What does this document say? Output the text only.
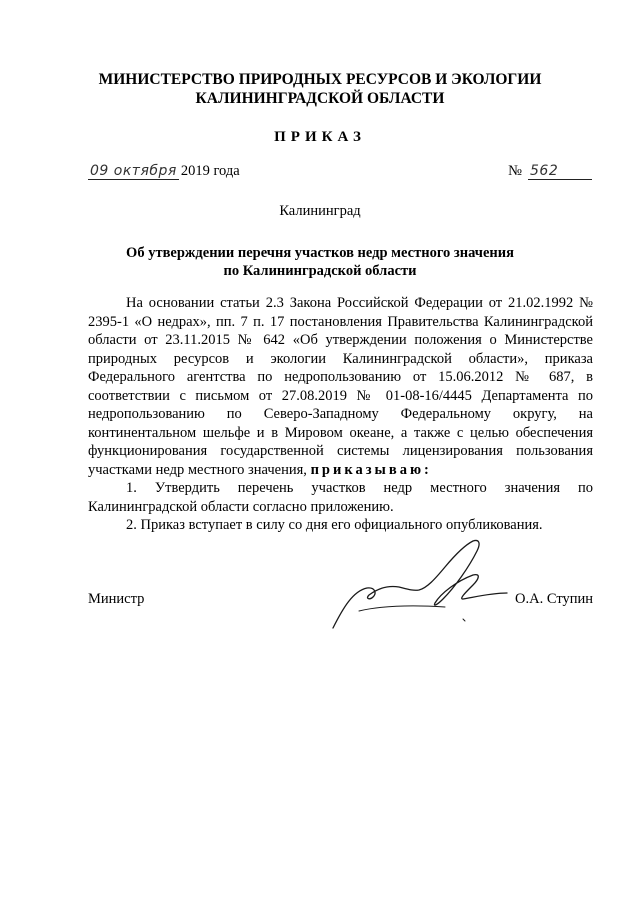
МИНИСТЕРСТВО ПРИРОДНЫХ РЕСУРСОВ И ЭКОЛОГИИ
КАЛИНИНГРАДСКОЙ ОБЛАСТИ
ПРИКАЗ
09 октября 2019 года	№ 562
Калининград
Об утверждении перечня участков недр местного значения
по Калининградской области

На основании статьи 2.3 Закона Российской Федерации от 21.02.1992 № 2395-1 «О недрах», пп. 7 п. 17 постановления Правительства Калининградской области от 23.11.2015 № 642 «Об утверждении положения о Министерстве природных ресурсов и экологии Калининградской области», приказа Федерального агентства по недропользованию от 15.06.2012 № 687, в соответствии с письмом от 27.08.2019 № 01-08-16/4445 Департамента по недропользованию по Северо-Западному Федеральному округу, на континентальном шельфе и в Мировом океане, а также с целью обеспечения функционирования государственной системы лицензирования пользования участками недр местного значения, приказываю:

1. Утвердить перечень участков недр местного значения по Калининградской области согласно приложению.

2. Приказ вступает в силу со дня его официального опубликования.

Министр	О.А. Ступин
